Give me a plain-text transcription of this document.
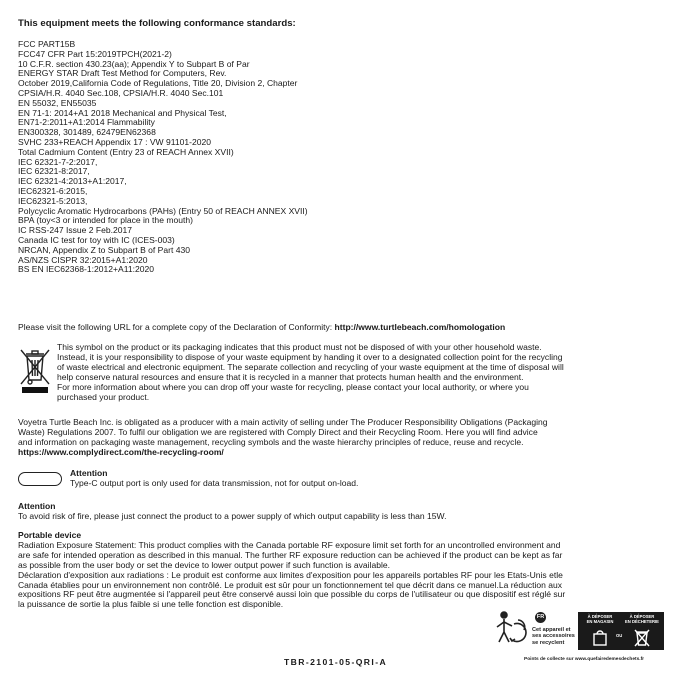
This equipment meets the following conformance standards:
FCC PART15B
FCC47 CFR Part 15:2019TPCH(2021-2)
10 C.F.R. section 430.23(aa); Appendix Y to Subpart B of Par
ENERGY STAR Draft Test Method for Computers, Rev.
October 2019,California Code of Regulations, Title 20, Division 2, Chapter
CPSIA/H.R. 4040 Sec.108, CPSIA/H.R. 4040 Sec.101
EN 55032, EN55035
EN 71-1: 2014+A1 2018 Mechanical and Physical Test,
EN71-2:2011+A1:2014 Flammability
EN300328, 301489, 62479EN62368
SVHC 233+REACH Appendix 17 : VW 91101-2020
Total Cadmium Content (Entry 23 of REACH Annex XVII)
IEC 62321-7-2:2017,
IEC 62321-8:2017,
IEC 62321-4:2013+A1:2017,
IEC62321-6:2015,
IEC62321-5:2013,
Polycyclic Aromatic Hydrocarbons (PAHs) (Entry 50 of REACH ANNEX XVII)
BPA (toy<3 or intended for place in the mouth)
IC RSS-247 Issue 2 Feb.2017
Canada IC test for toy with IC (ICES-003)
NRCAN, Appendix Z to Subpart B of Part 430
AS/NZS CISPR 32:2015+A1:2020
BS EN IEC62368-1:2012+A11:2020
Please visit the following URL for a complete copy of the Declaration of Conformity: http://www.turtlebeach.com/homologation
This symbol on the product or its packaging indicates that this product must not be disposed of with your other household waste.
Instead, it is your responsibility to dispose of your waste equipment by handing it over to a designated collection point for the recycling
of waste electrical and electronic equipment. The separate collection and recycling of your waste equipment at the time of disposal will
help conserve natural resources and ensure that it is recycled in a manner that protects human health and the environment.
For more information about where you can drop off your waste for recycling, please contact your local authority, or where you
purchased your product.
Voyetra Turtle Beach Inc. is obligated as a producer with a main activity of selling under The Producer Responsibility Obligations (Packaging
Waste) Regulations 2007. To fulfil our obligation we are registered with Comply Direct and their Recycling Room. Here you will find advice
and information on packaging waste management, recycling symbols and the waste hierarchy principles of reduce, reuse and recycle.
https://www.complydirect.com/the-recycling-room/
Attention
Type-C output port is only used for data transmission, not for output on-load.
Attention
To avoid risk of fire, please just connect the product to a power supply of which output capability is less than 15W.
Portable device
Radiation Exposure Statement: This product complies with the Canada portable RF exposure limit set forth for an uncontrolled environment and
are safe for intended operation as described in this manual. The further RF exposure reduction can be achieved if the product can be kept as far
as possible from the user body or set the device to lower output power if such function is available.
Déclaration d'exposition aux radiations : Le produit est conforme aux limites d'exposition pour les appareils portables RF pour les Etats-Unis etle
Canada établies pour un environnement non contrôlé. Le produit est sûr pour un fonctionnement tel que décrit dans ce manuel.La réduction aux
expositions RF peut être augmentée si l'appareil peut être conservé aussi loin que possible du corps de l'utilisateur ou que dispositif est réglé sur
la puissance de sortie la plus faible si une telle fonction est disponible.
FR
Cet appareil et
ses accessoires
se recyclent
À DÉPOSER
EN MAGASIN
À DÉPOSER
EN DÉCHETERIE
OU
Points de collecte sur www.quefairedemesdechets.fr
TBR-2101-05-QRI-A
